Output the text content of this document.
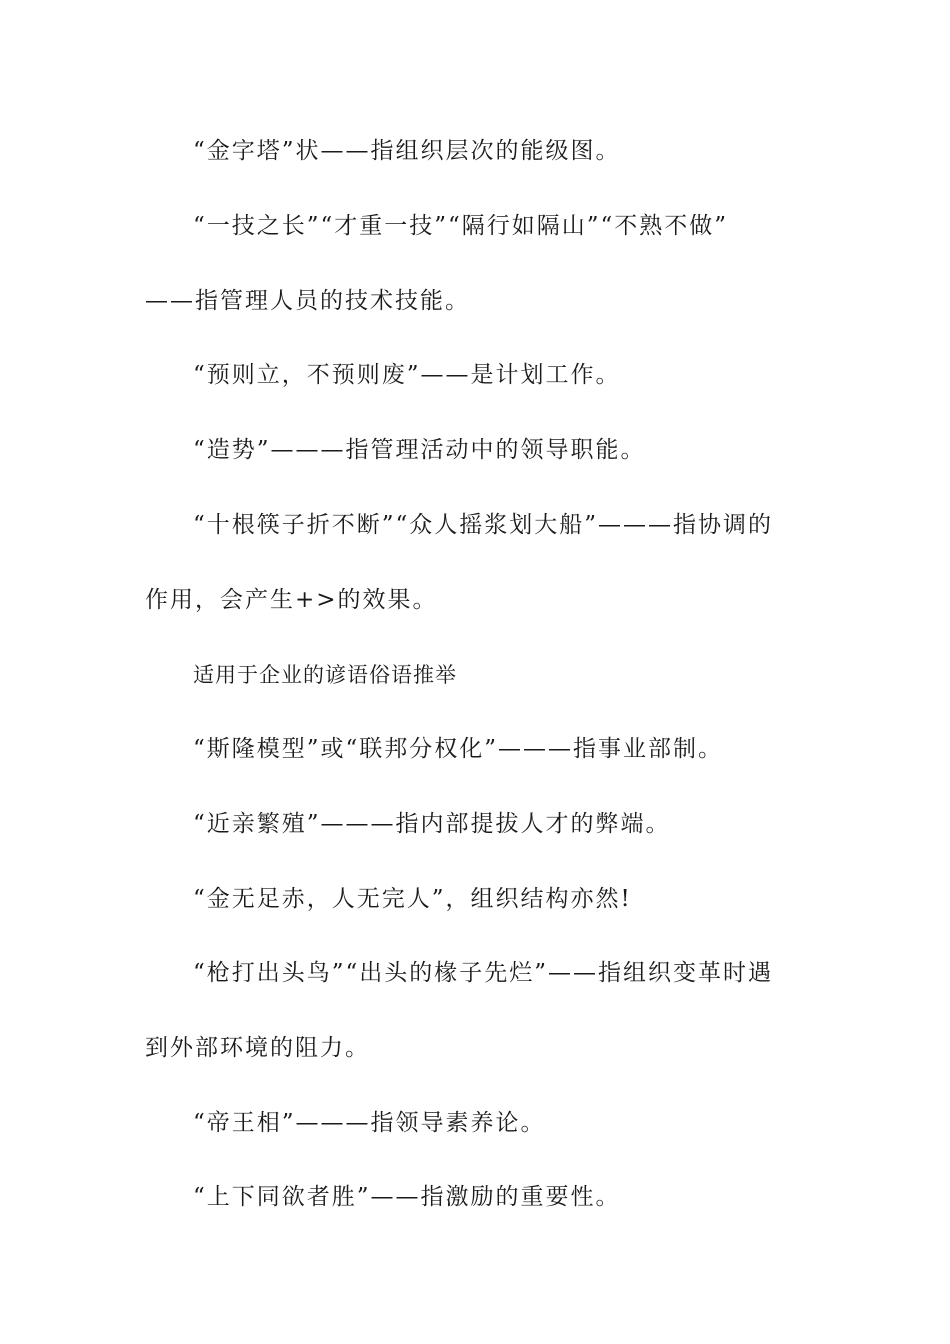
“金字塔”状——指组织层次的能级图。
“一技之长”“才重一技”“隔行如隔山”“不熟不做”
——指管理人员的技术技能。
“预则立，不预则废”——是计划工作。
“造势”———指管理活动中的领导职能。
“十根筷子折不断”“众人摇浆划大船”———指协调的
作用，会产生+>的效果。
适用于企业的谚语俗语推举
“斯隆模型”或“联邦分权化”———指事业部制。
“近亲繁殖”———指内部提拔人才的弊端。
“金无足赤，人无完人”，组织结构亦然!
“枪打出头鸟”“出头的椽子先烂”——指组织变革时遇
到外部环境的阻力。
“帝王相”———指领导素养论。
“上下同欲者胜”——指激励的重要性。
